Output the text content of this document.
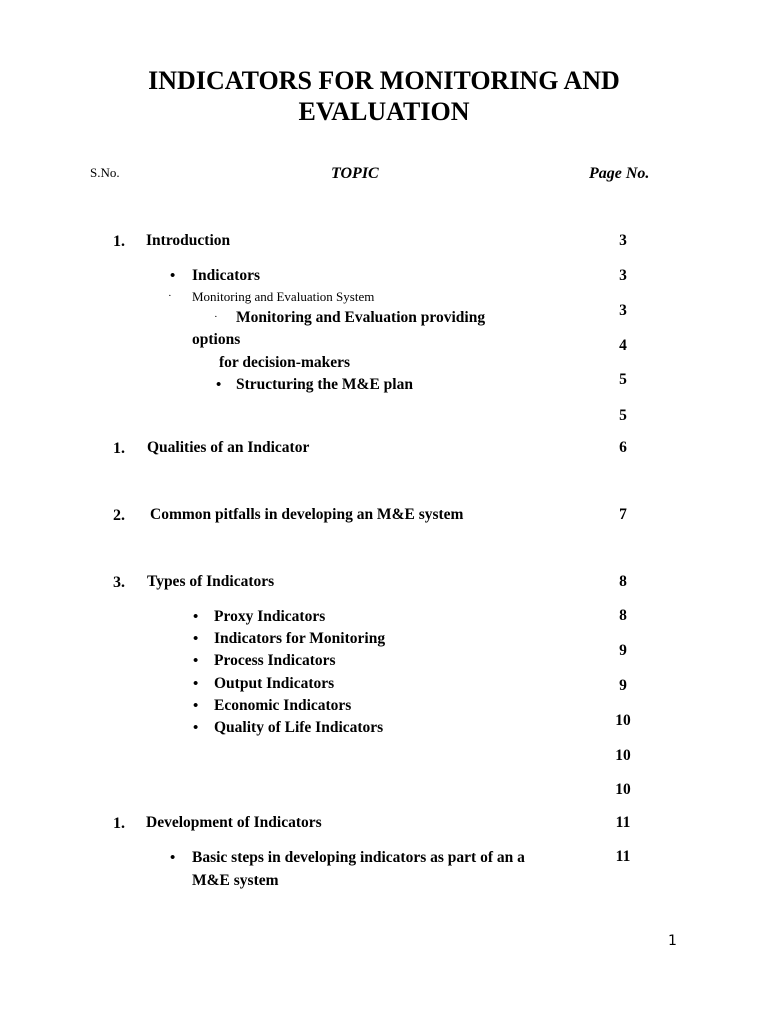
INDICATORS FOR MONITORING AND
EVALUATION
S.No.	TOPIC	Page No.
1. Introduction
• Indicators
· Monitoring and Evaluation System
· Monitoring and Evaluation providing
options
for decision-makers
• Structuring the M&E plan
1. Qualities of an Indicator
2. Common pitfalls in developing an M&E system
3. Types of Indicators
• Proxy Indicators
• Indicators for Monitoring
• Process Indicators
• Output Indicators
• Economic Indicators
• Quality of Life Indicators
1. Development of Indicators
• Basic steps in developing indicators as part of an a
M&E system
3
3
3
4
5
5
6
7
8
8
9
9
10
10
10
11
11
1
